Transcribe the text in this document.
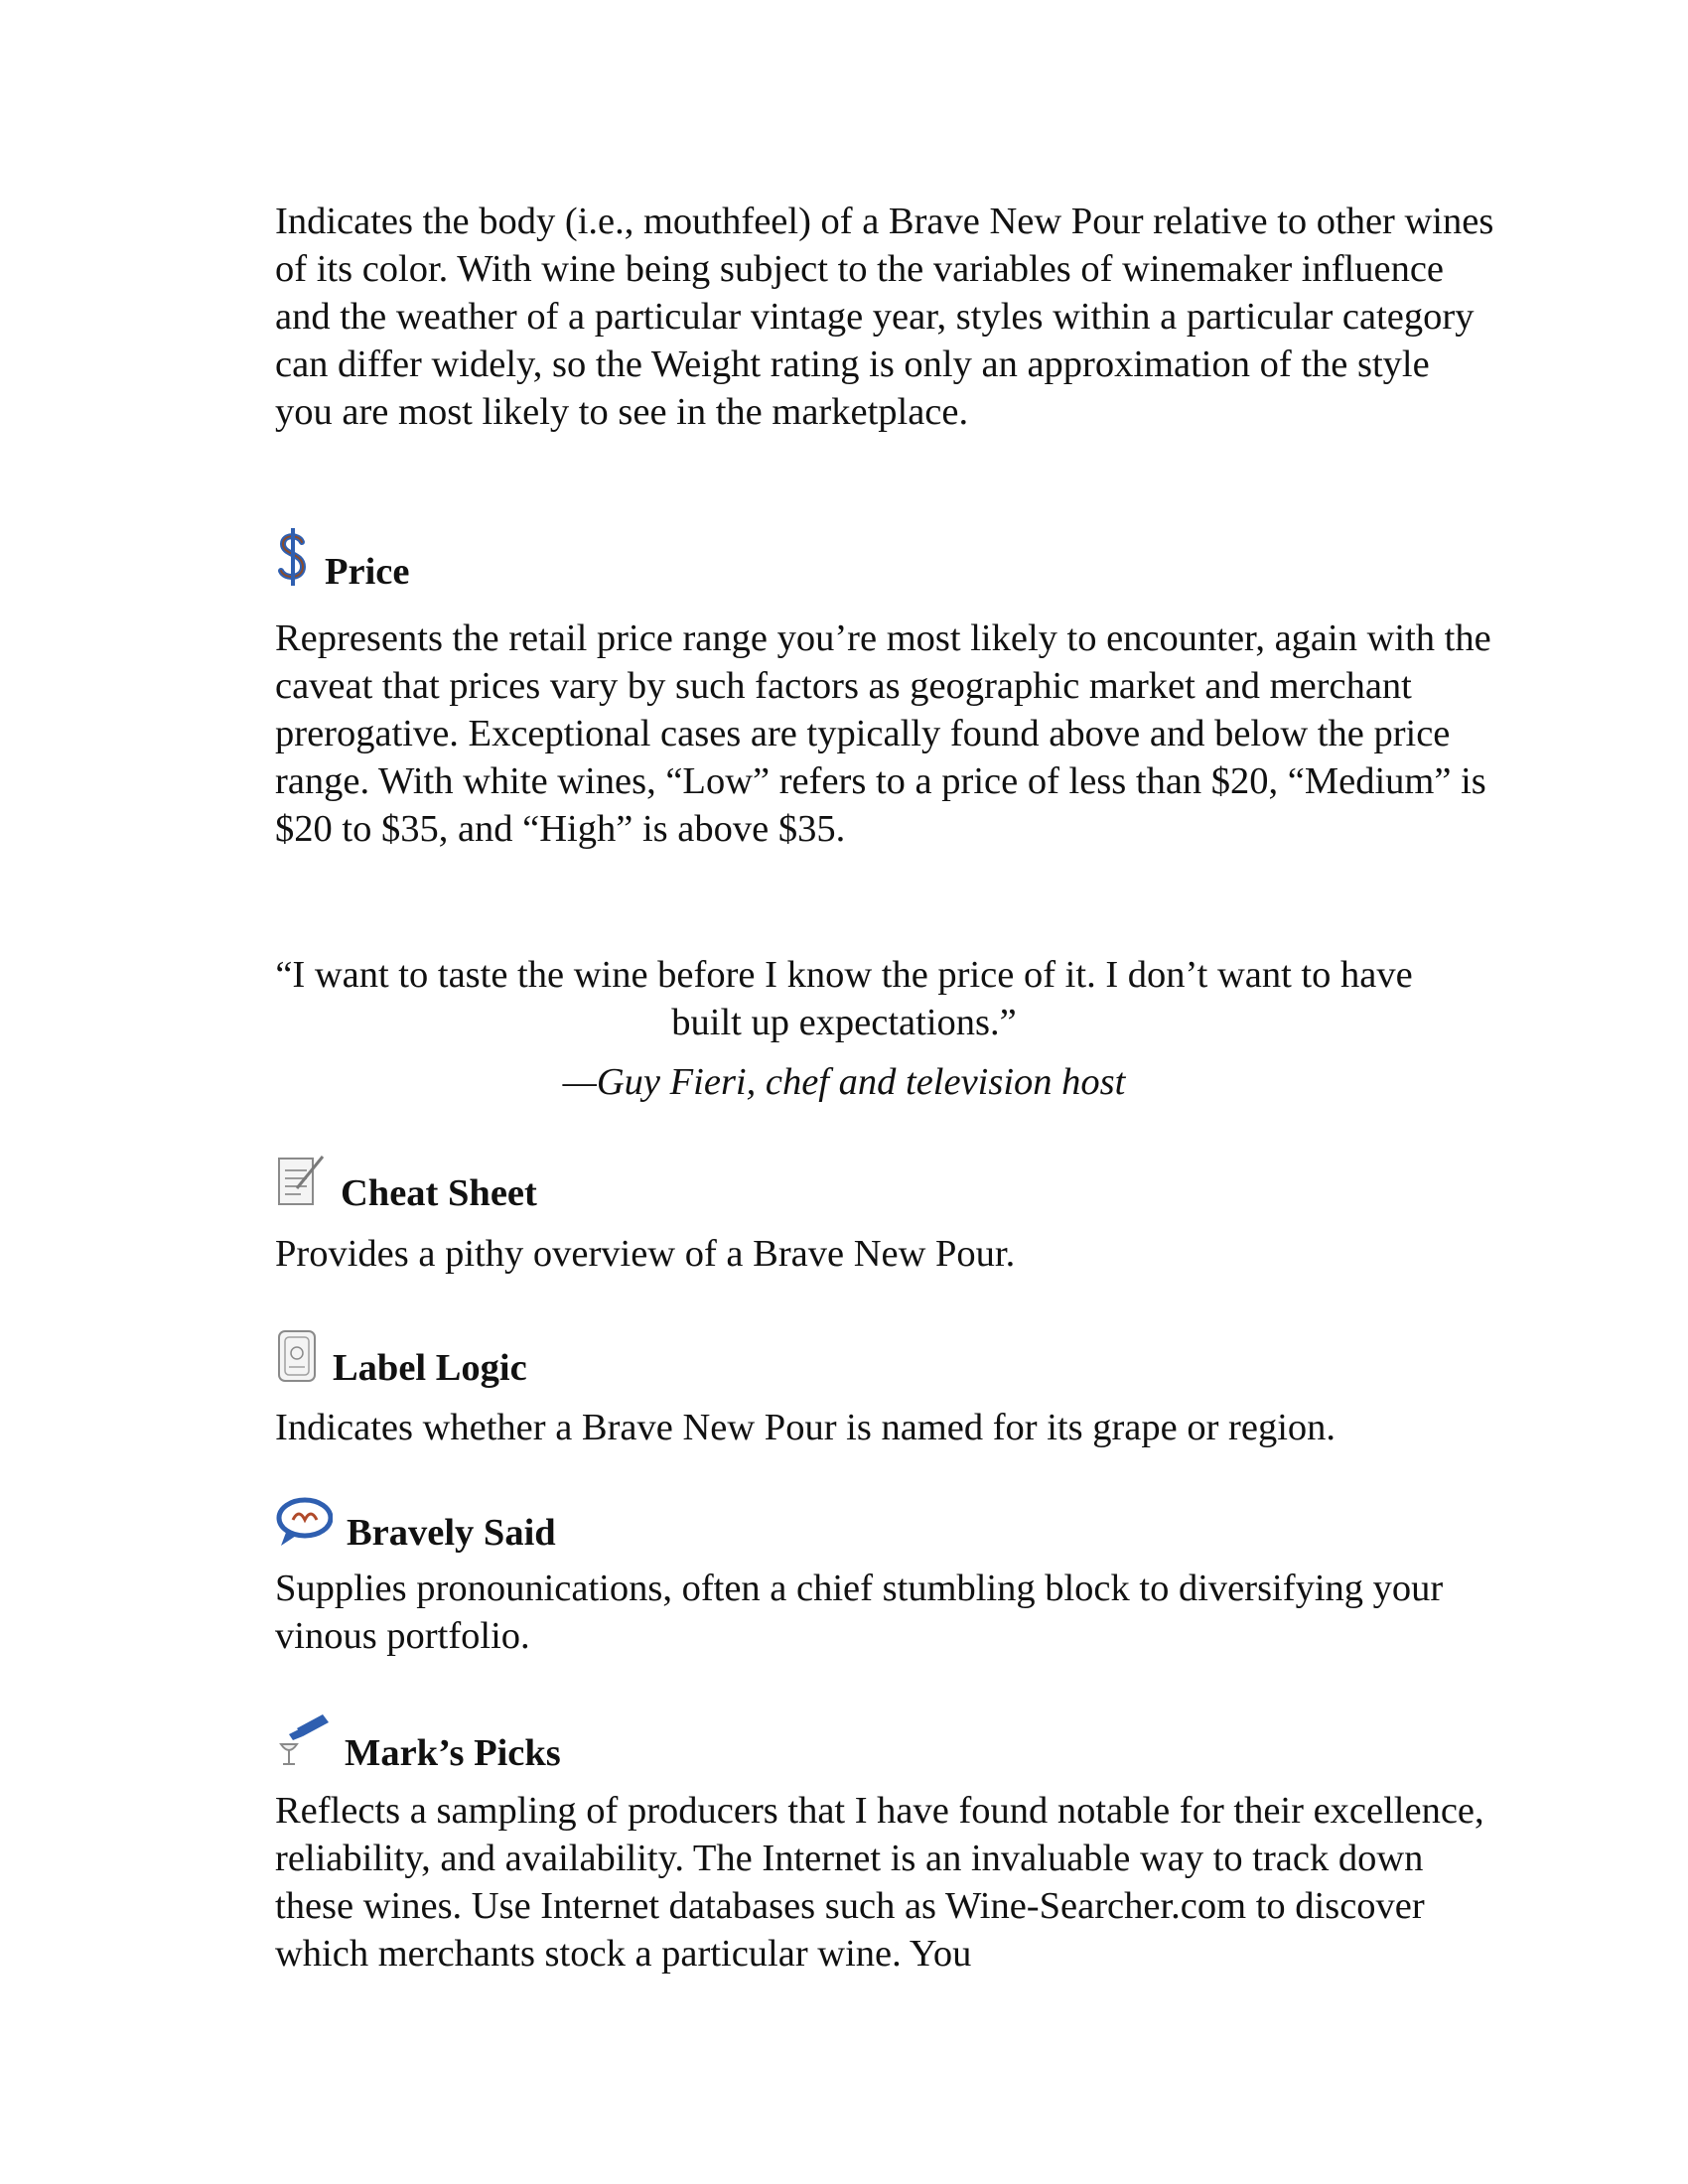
Indicates the body (i.e., mouthfeel) of a Brave New Pour relative to other wines of its color. With wine being subject to the variables of winemaker influence and the weather of a particular vintage year, styles within a particular category can differ widely, so the Weight rating is only an approximation of the style you are most likely to see in the marketplace.

Price

Represents the retail price range you’re most likely to encounter, again with the caveat that prices vary by such factors as geographic market and merchant prerogative. Exceptional cases are typically found above and below the price range. With white wines, “Low” refers to a price of less than $20, “Medium” is $20 to $35, and “High” is above $35.

“I want to taste the wine before I know the price of it. I don’t want to have built up expectations.”

—Guy Fieri, chef and television host

Cheat Sheet

Provides a pithy overview of a Brave New Pour.

Label Logic

Indicates whether a Brave New Pour is named for its grape or region.

Bravely Said

Supplies pronounications, often a chief stumbling block to diversifying your vinous portfolio.

Mark’s Picks

Reflects a sampling of producers that I have found notable for their excellence, reliability, and availability. The Internet is an invaluable way to track down these wines. Use Internet databases such as Wine-Searcher.com to discover which merchants stock a particular wine. You
